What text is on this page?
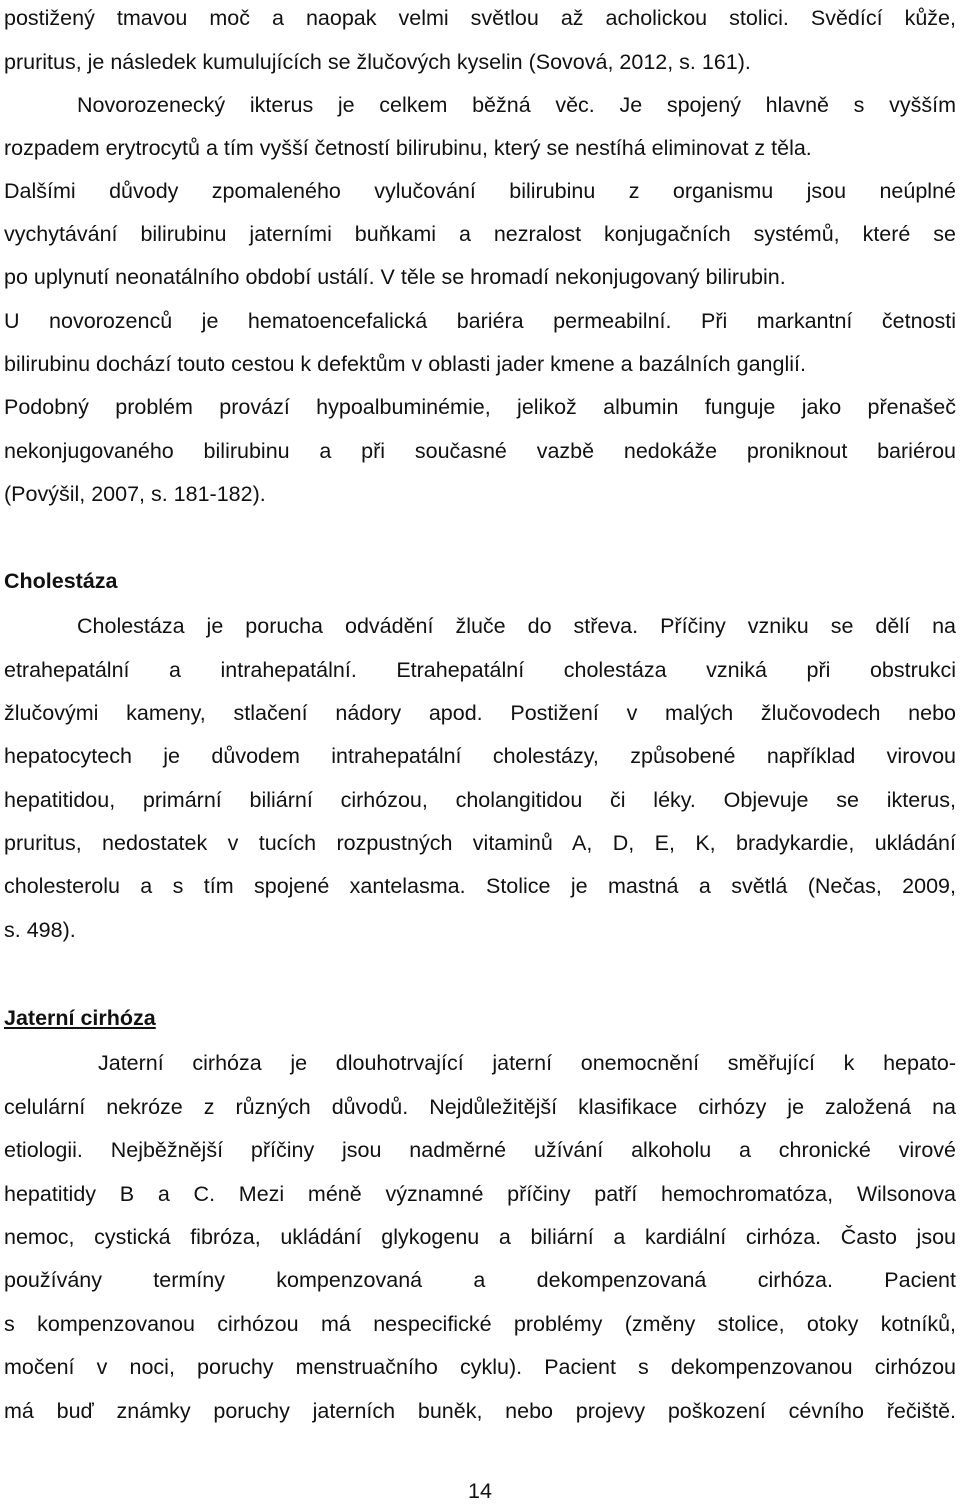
postižený tmavou moč a naopak velmi světlou až acholickou stolici. Svědící kůže,
pruritus, je následek kumulujících se žlučových kyselin (Sovová, 2012, s. 161).
Novorozenecký ikterus je celkem běžná věc. Je spojený hlavně s vyšším
rozpadem erytrocytů a tím vyšší četností bilirubinu, který se nestíhá eliminovat z těla.
Dalšími důvody zpomaleného vylučování bilirubinu z organismu jsou neúplné
vychytávání bilirubinu jaterními buňkami a nezralost konjugačních systémů, které se
po uplynutí neonatálního období ustálí. V těle se hromadí nekonjugovaný bilirubin.
U novorozenců je hematoencefalická bariéra permeabilní. Při markantní četnosti
bilirubinu dochází touto cestou k defektům v oblasti jader kmene a bazálních ganglií.
Podobný problém provází hypoalbuminémie, jelikož albumin funguje jako přenašeč
nekonjugovaného bilirubinu a při současné vazbě nedokáže proniknout bariérou
(Povýšil, 2007, s. 181-182).
Cholestáza
Cholestáza je porucha odvádění žluče do střeva. Příčiny vzniku se dělí na
etrahepatální a intrahepatální. Etrahepatální cholestáza vzniká při obstrukci
žlučovými kameny, stlačení nádory apod. Postižení v malých žlučovodech nebo
hepatocytech je důvodem intrahepatální cholestázy, způsobené například virovou
hepatitidou, primární biliární cirhózou, cholangitidou či léky. Objevuje se ikterus,
pruritus, nedostatek v tucích rozpustných vitaminů A, D, E, K, bradykardie, ukládání
cholesterolu a s tím spojené xantelasma. Stolice je mastná a světlá (Nečas, 2009,
s. 498).
Jaterní cirhóza
Jaterní cirhóza je dlouhotrvající jaterní onemocnění směřující k hepato-
celulární nekróze z různých důvodů. Nejdůležitější klasifikace cirhózy je založená na
etiologii. Nejběžnější příčiny jsou nadměrné užívání alkoholu a chronické virové
hepatitidy B a C. Mezi méně významné příčiny patří hemochromatóza, Wilsonova
nemoc, cystická fibróza, ukládání glykogenu a biliární a kardiální cirhóza. Často jsou
používány termíny kompenzovaná a dekompenzovaná cirhóza. Pacient
s kompenzovanou cirhózou má nespecifické problémy (změny stolice, otoky kotníků,
močení v noci, poruchy menstruačního cyklu). Pacient s dekompenzovanou cirhózou
má buď známky poruchy jaterních buněk, nebo projevy poškození cévního řečiště.
14
